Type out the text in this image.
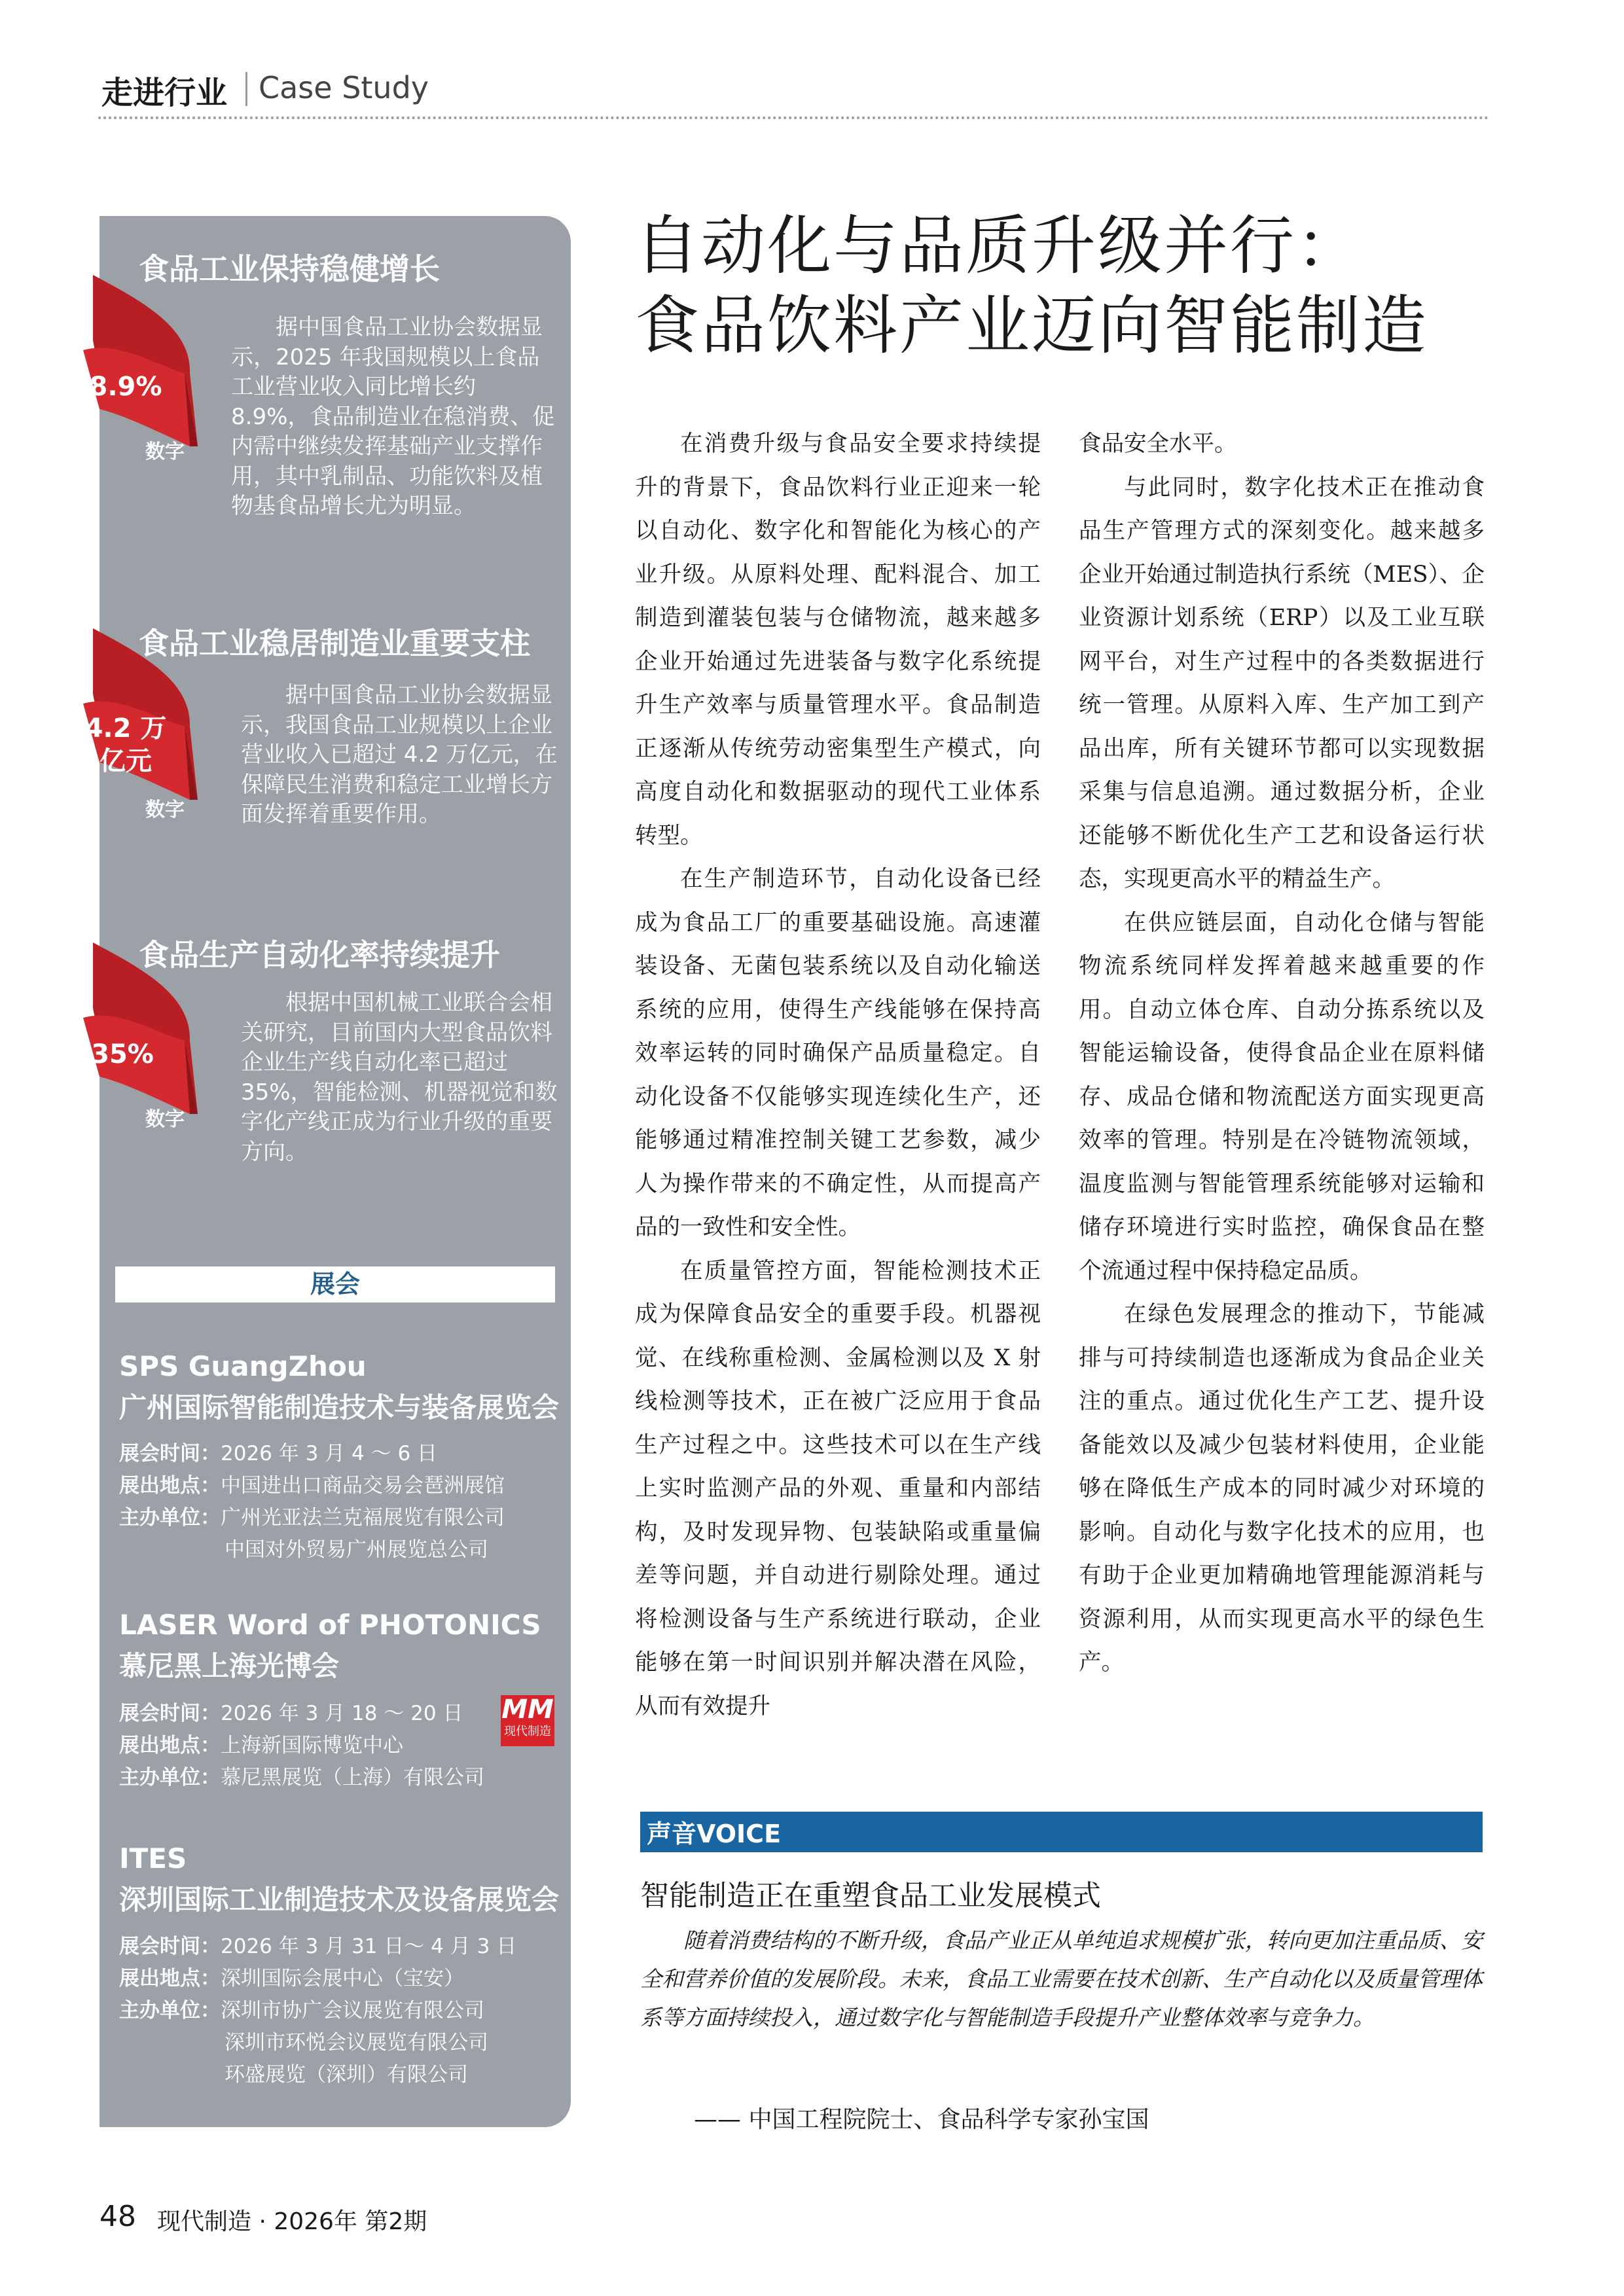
走进行业 Case Study
食品工业保持稳健增长
8.9%
数字
据中国食品工业协会数据显示，2025 年我国规模以上食品工业营业收入同比增长约 8.9%，食品制造业在稳消费、促内需中继续发挥基础产业支撑作用，其中乳制品、功能饮料及植物基食品增长尤为明显。
食品工业稳居制造业重要支柱
4.2 万
亿元
数字
据中国食品工业协会数据显示，我国食品工业规模以上企业营业收入已超过 4.2 万亿元，在保障民生消费和稳定工业增长方面发挥着重要作用。
食品生产自动化率持续提升
35%
数字
根据中国机械工业联合会相关研究，目前国内大型食品饮料企业生产线自动化率已超过 35%，智能检测、机器视觉和数字化产线正成为行业升级的重要方向。
展会
SPS GuangZhou
广州国际智能制造技术与装备展览会
展会时间：2026 年 3 月 4 ～ 6 日
展出地点：中国进出口商品交易会琶洲展馆
主办单位：广州光亚法兰克福展览有限公司
中国对外贸易广州展览总公司
LASER Word of PHOTONICS
慕尼黑上海光博会
展会时间：2026 年 3 月 18 ～ 20 日
展出地点：上海新国际博览中心
主办单位：慕尼黑展览（上海）有限公司
MM
现代制造
ITES
深圳国际工业制造技术及设备展览会
展会时间：2026 年 3 月 31 日～ 4 月 3 日
展出地点：深圳国际会展中心（宝安）
主办单位：深圳市协广会议展览有限公司
深圳市环悦会议展览有限公司
环盛展览（深圳）有限公司
自动化与品质升级并行：
食品饮料产业迈向智能制造

在消费升级与食品安全要求持续提升的背景下，食品饮料行业正迎来一轮以自动化、数字化和智能化为核心的产业升级。从原料处理、配料混合、加工制造到灌装包装与仓储物流，越来越多企业开始通过先进装备与数字化系统提升生产效率与质量管理水平。食品制造正逐渐从传统劳动密集型生产模式，向高度自动化和数据驱动的现代工业体系转型。

在生产制造环节，自动化设备已经成为食品工厂的重要基础设施。高速灌装设备、无菌包装系统以及自动化输送系统的应用，使得生产线能够在保持高效率运转的同时确保产品质量稳定。自动化设备不仅能够实现连续化生产，还能够通过精准控制关键工艺参数，减少人为操作带来的不确定性，从而提高产品的一致性和安全性。

在质量管控方面，智能检测技术正成为保障食品安全的重要手段。机器视觉、在线称重检测、金属检测以及 X 射线检测等技术，正在被广泛应用于食品生产过程之中。这些技术可以在生产线上实时监测产品的外观、重量和内部结构，及时发现异物、包装缺陷或重量偏差等问题，并自动进行剔除处理。通过将检测设备与生产系统进行联动，企业能够在第一时间识别并解决潜在风险，从而有效提升

食品安全水平。

与此同时，数字化技术正在推动食品生产管理方式的深刻变化。越来越多企业开始通过制造执行系统（MES）、企业资源计划系统（ERP）以及工业互联网平台，对生产过程中的各类数据进行统一管理。从原料入库、生产加工到产品出库，所有关键环节都可以实现数据采集与信息追溯。通过数据分析，企业还能够不断优化生产工艺和设备运行状态，实现更高水平的精益生产。

在供应链层面，自动化仓储与智能物流系统同样发挥着越来越重要的作用。自动立体仓库、自动分拣系统以及智能运输设备，使得食品企业在原料储存、成品仓储和物流配送方面实现更高效率的管理。特别是在冷链物流领域，温度监测与智能管理系统能够对运输和储存环境进行实时监控，确保食品在整个流通过程中保持稳定品质。

在绿色发展理念的推动下，节能减排与可持续制造也逐渐成为食品企业关注的重点。通过优化生产工艺、提升设备能效以及减少包装材料使用，企业能够在降低生产成本的同时减少对环境的影响。自动化与数字化技术的应用，也有助于企业更加精确地管理能源消耗与资源利用，从而实现更高水平的绿色生产。

声音VOICE
智能制造正在重塑食品工业发展模式
随着消费结构的不断升级，食品产业正从单纯追求规模扩张，转向更加注重品质、安全和营养价值的发展阶段。未来，食品工业需要在技术创新、生产自动化以及质量管理体系等方面持续投入，通过数字化与智能制造手段提升产业整体效率与竞争力。
—— 中国工程院院士、食品科学专家孙宝国
48 现代制造 · 2026年 第2期
